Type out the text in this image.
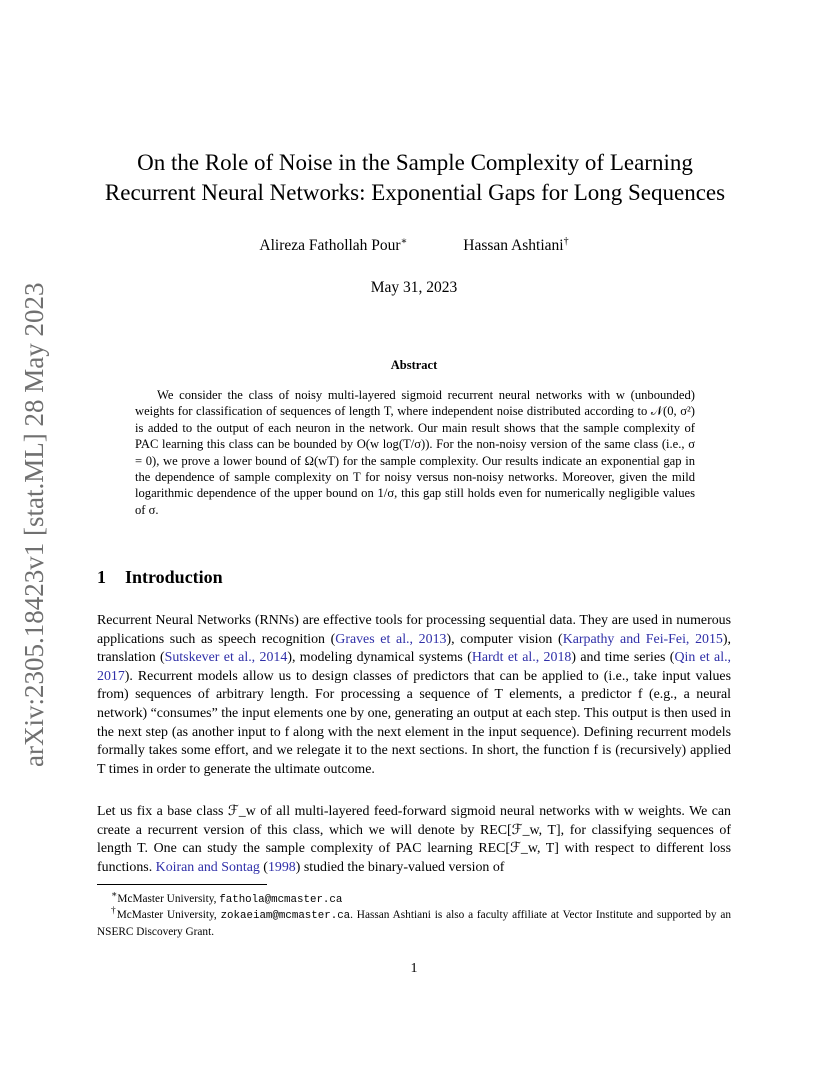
arXiv:2305.18423v1 [stat.ML] 28 May 2023
On the Role of Noise in the Sample Complexity of Learning
Recurrent Neural Networks: Exponential Gaps for Long Sequences
Alireza Fathollah Pour∗	Hassan Ashtiani†
May 31, 2023
Abstract

We consider the class of noisy multi-layered sigmoid recurrent neural networks with w (unbounded) weights for classification of sequences of length T, where independent noise distributed according to 𝒩(0, σ²) is added to the output of each neuron in the network. Our main result shows that the sample complexity of PAC learning this class can be bounded by O(w log(T/σ)). For the non-noisy version of the same class (i.e., σ = 0), we prove a lower bound of Ω(wT) for the sample complexity. Our results indicate an exponential gap in the dependence of sample complexity on T for noisy versus non-noisy networks. Moreover, given the mild logarithmic dependence of the upper bound on 1/σ, this gap still holds even for numerically negligible values of σ.

1 Introduction

Recurrent Neural Networks (RNNs) are effective tools for processing sequential data. They are used in numerous applications such as speech recognition (Graves et al., 2013), computer vision (Karpathy and Fei-Fei, 2015), translation (Sutskever et al., 2014), modeling dynamical systems (Hardt et al., 2018) and time series (Qin et al., 2017). Recurrent models allow us to design classes of predictors that can be applied to (i.e., take input values from) sequences of arbitrary length. For processing a sequence of T elements, a predictor f (e.g., a neural network) “consumes” the input elements one by one, generating an output at each step. This output is then used in the next step (as another input to f along with the next element in the input sequence). Defining recurrent models formally takes some effort, and we relegate it to the next sections. In short, the function f is (recursively) applied T times in order to generate the ultimate outcome.

Let us fix a base class ℱ_w of all multi-layered feed-forward sigmoid neural networks with w weights. We can create a recurrent version of this class, which we will denote by REC[ℱ_w, T], for classifying sequences of length T. One can study the sample complexity of PAC learning REC[ℱ_w, T] with respect to different loss functions. Koiran and Sontag (1998) studied the binary-valued version of

∗McMaster University, fathola@mcmaster.ca

†McMaster University, zokaeiam@mcmaster.ca. Hassan Ashtiani is also a faculty affiliate at Vector Institute and supported by an NSERC Discovery Grant.

1
